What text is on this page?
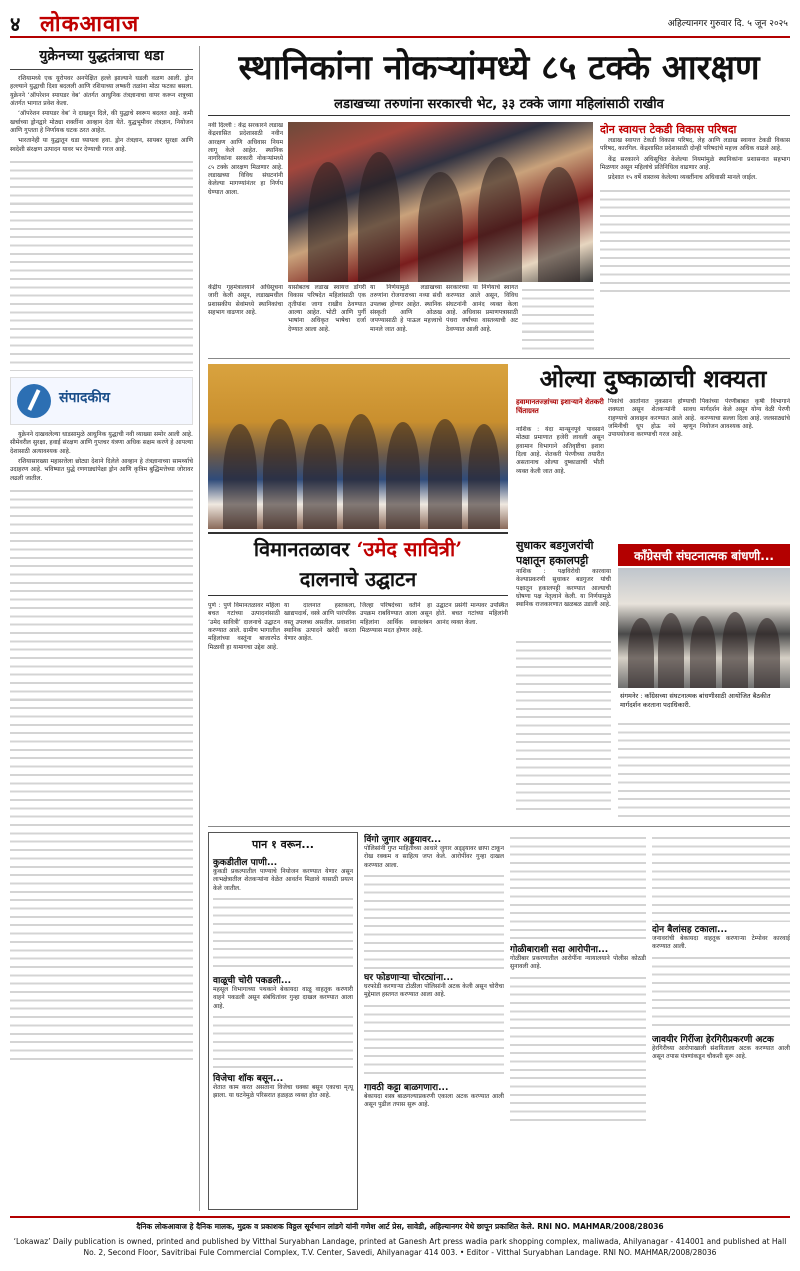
४ लोकआवाज	अहिल्यानगर गुरुवार दि. ५ जून २०२५
युक्रेनच्या युद्धतंत्राचा धडा

रशियामध्ये एक यूरोपवर अनपेक्षित हल्ले झाल्याने घडली वळण आली. ड्रोन हल्ल्याने युद्धाची दिशा बदलली आणि रशियाच्या लष्करी तळांना मोठा फटका बसला. युक्रेनने ‘ऑपरेशन स्पायडर वेब’ अंतर्गत आधुनिक तंत्रज्ञानाचा वापर करून शत्रूच्या अंतर्गत भागात प्रवेश केला.

‘ऑपरेशन स्पायडर वेब’ ने दाखवून दिले, की युद्धाचे स्वरूप बदलत आहे. कमी खर्चाच्या ड्रोनद्वारे मोठ्या शक्तींना आव्हान देता येते. युद्धभूमीवर तंत्रज्ञान, नियोजन आणि गुप्तता हे निर्णायक घटक ठरत आहेत.

भारतानेही या युद्धातून धडा घ्यायला हवा. ड्रोन तंत्रज्ञान, सायबर सुरक्षा आणि स्वदेशी संरक्षण उत्पादन यावर भर देण्याची गरज आहे.

संपादकीय

युक्रेनने दाखवलेल्या धाडसामुळे आधुनिक युद्धाची नवी व्याख्या समोर आली आहे. सीमेवरील सुरक्षा, हवाई संरक्षण आणि गुप्तचर यंत्रणा अधिक सक्षम करणे हे आपल्या देशासाठी अत्यावश्यक आहे.

रशियासारख्या महासत्तेला छोट्या देशाने दिलेले आव्हान हे तंत्रज्ञानाच्या सामर्थ्याचे उदाहरण आहे. भविष्यात युद्धे रणगाड्यांपेक्षा ड्रोन आणि कृत्रिम बुद्धिमत्तेच्या जोरावर लढली जातील.

स्थानिकांना नोकऱ्यांमध्ये ८५ टक्के आरक्षण
लडाखच्या तरुणांना सरकारची भेट, ३३ टक्के जागा महिलांसाठी राखीव
नवी दिल्ली : केंद्र सरकारने लडाख केंद्रशासित प्रदेशासाठी नवीन आरक्षण आणि अधिवास नियम लागू केले आहेत. स्थानिक नागरिकांना सरकारी नोकऱ्यांमध्ये ८५ टक्के आरक्षण मिळणार आहे. लडाखच्या विविध संघटनांनी केलेल्या मागण्यांनंतर हा निर्णय घेण्यात आला.
केंद्रीय गृहमंत्रालयाने अधिसूचना जारी केली असून, लडाखमधील प्रशासकीय सेवांमध्ये स्थानिकांचा सहभाग वाढणार आहे.
यासोबतच लडाख स्वायत्त डोंगरी विकास परिषदेत महिलांसाठी एक तृतीयांश जागा राखीव ठेवण्यात आल्या आहेत. भोटी आणि पुर्गी भाषांना अधिकृत भाषेचा दर्जा देण्यात आला आहे.
या निर्णयामुळे लडाखच्या तरुणांना रोजगाराच्या नव्या संधी उपलब्ध होणार आहेत. स्थानिक संस्कृती आणि ओळख जपण्यासाठी हे पाऊल महत्त्वाचे मानले जात आहे.
सरकारच्या या निर्णयाचे स्वागत करण्यात आले असून, विविध संघटनांनी आनंद व्यक्त केला आहे. अधिवास प्रमाणपत्रासाठी पंधरा वर्षांच्या वास्तव्याची अट ठेवण्यात आली आहे.
दोन स्वायत्त टेकडी विकास परिषदा

लडाख स्वायत्त टेकडी विकास परिषद, लेह आणि लडाख स्वायत्त टेकडी विकास परिषद, कारगिल. केंद्रशासित प्रदेशासाठी दोन्ही परिषदांचे महत्त्व अधिक वाढले आहे.

केंद्र सरकारने अधिसूचित केलेल्या नियमांमुळे स्थानिकांना प्रशासनात सहभाग मिळणार असून महिलांचे प्रतिनिधित्व वाढणार आहे.

प्रदेशात १५ वर्षे वास्तव्य केलेल्या व्यक्तींनाच अधिवासी मानले जाईल.

ओल्या दुष्काळाची शक्यता
हवामानतज्ज्ञांच्या इशाऱ्याने शेतकरी चिंताग्रस्त
नाशिक : यंदा मान्सूनपूर्व पावसाने मोठ्या प्रमाणात हजेरी लावली असून हवामान विभागाने अतिवृष्टीचा इशारा दिला आहे. शेतकरी पेरणीच्या तयारीत असतानाच ओल्या दुष्काळाची भीती व्यक्त केली जात आहे.
पिकांचे आतोनात नुकसान होण्याची शक्यता असून शेतकऱ्यांनी सावध राहण्याचे आवाहन करण्यात आले आहे. जमिनीची धूप होऊ नये म्हणून उपाययोजना करण्याची गरज आहे.
पिकांच्या पेरणीबाबत कृषी विभागाने मार्गदर्शन केले असून योग्य वेळी पेरणी करण्याचा सल्ला दिला आहे. जलसाठ्यांचे नियोजन आवश्यक आहे.
विमानतळावर ‘उमेद सावित्री’
दालनाचे उद्घाटन
पुणे : पुणे विमानतळावर महिला बचत गटांच्या उत्पादनांसाठी ‘उमेद सावित्री’ दालनाचे उद्घाटन करण्यात आले. ग्रामीण भागातील महिलांच्या वस्तूंना बाजारपेठ मिळावी हा यामागचा उद्देश आहे.
या दालनात हस्तकला, खाद्यपदार्थ, वस्त्रे आणि पारंपरिक वस्तू उपलब्ध असतील. प्रवाशांना स्थानिक उत्पादने खरेदी करता येणार आहेत.
जिल्हा परिषदेच्या वतीने हा उपक्रम राबविण्यात आला असून महिलांना आर्थिक स्वावलंबन मिळण्यास मदत होणार आहे.
उद्घाटन प्रसंगी मान्यवर उपस्थित होते. बचत गटांच्या महिलांनी आनंद व्यक्त केला.
सुधाकर बडगुजरांची पक्षातून हकालपट्टी
नाशिक : पक्षविरोधी कारवाया केल्याप्रकरणी सुधाकर बडगुजर यांची पक्षातून हकालपट्टी करण्यात आल्याची घोषणा पक्ष नेतृत्वाने केली. या निर्णयामुळे स्थानिक राजकारणात खळबळ उडाली आहे.
काँग्रेसची संघटनात्मक बांधणी...
संगमनेर : काँग्रेसच्या संघटनात्मक बांधणीसाठी आयोजित बैठकीत मार्गदर्शन करताना पदाधिकारी.
पान १ वरून...
कुकडीतील पाणी...
कुकडी प्रकल्पातील पाण्याचे नियोजन करण्यात येणार असून लाभक्षेत्रातील शेतकऱ्यांना वेळेत आवर्तन मिळावे यासाठी प्रयत्न केले जातील.
वाळूची चोरी पकडली...
महसूल विभागाच्या पथकाने बेकायदा वाळू वाहतूक करणारी वाहने पकडली असून संबंधितांवर गुन्हा दाखल करण्यात आला आहे.
विजेचा शॉक बसून...
शेतात काम करत असताना विजेचा धक्का बसून एकाचा मृत्यू झाला. या घटनेमुळे परिसरात हळहळ व्यक्त होत आहे.
विंगो जुगार अड्डयावर...
पोलिसांनी गुप्त माहितीच्या आधारे जुगार अड्ड्यावर छापा टाकून रोख रक्कम व साहित्य जप्त केले. आरोपींवर गुन्हा दाखल करण्यात आला.
घर फोडणाऱ्या चोरट्यांना...
घरफोडी करणाऱ्या टोळीला पोलिसांनी अटक केली असून चोरीचा मुद्देमाल हस्तगत करण्यात आला आहे.
गावठी कट्टा बाळगणारा...
बेकायदा शस्त्र बाळगल्याप्रकरणी एकाला अटक करण्यात आली असून पुढील तपास सुरू आहे.
गोळीबाराशी सदा आरोपीना...
गोळीबार प्रकरणातील आरोपींना न्यायालयाने पोलीस कोठडी सुनावली आहे.
दोन बैलांसह टकाला...
जनावरांची बेकायदा वाहतूक करणाऱ्या टेम्पोवर कारवाई करण्यात आली.
जावयीर गिरींजा हेरगिरीप्रकरणी अटक
हेरगिरीच्या आरोपाखाली संशयिताला अटक करण्यात आली असून तपास यंत्रणांकडून चौकशी सुरू आहे.
दैनिक लोकआवाज हे दैनिक मालक, मुद्रक व प्रकाशक विठ्ठल सूर्यभान लांडगे यांनी गणेश आर्ट प्रेस, सावेडी, अहिल्यानगर येथे छापून प्रकाशित केले. RNI NO. MAHMAR/2008/28036
‘Lokawaz’ Daily publication is owned, printed and published by Vitthal Suryabhan Landage, printed at Ganesh Art press wadia park shopping complex, maliwada, Ahilyanagar - 414001 and published at Hall No. 2, Second Floor, Savitribai Fule Commercial Complex, T.V. Center, Savedi, Ahilyanagar 414 003. • Editor - Vitthal Suryabhan Landage. RNI NO. MAHMAR/2008/28036
